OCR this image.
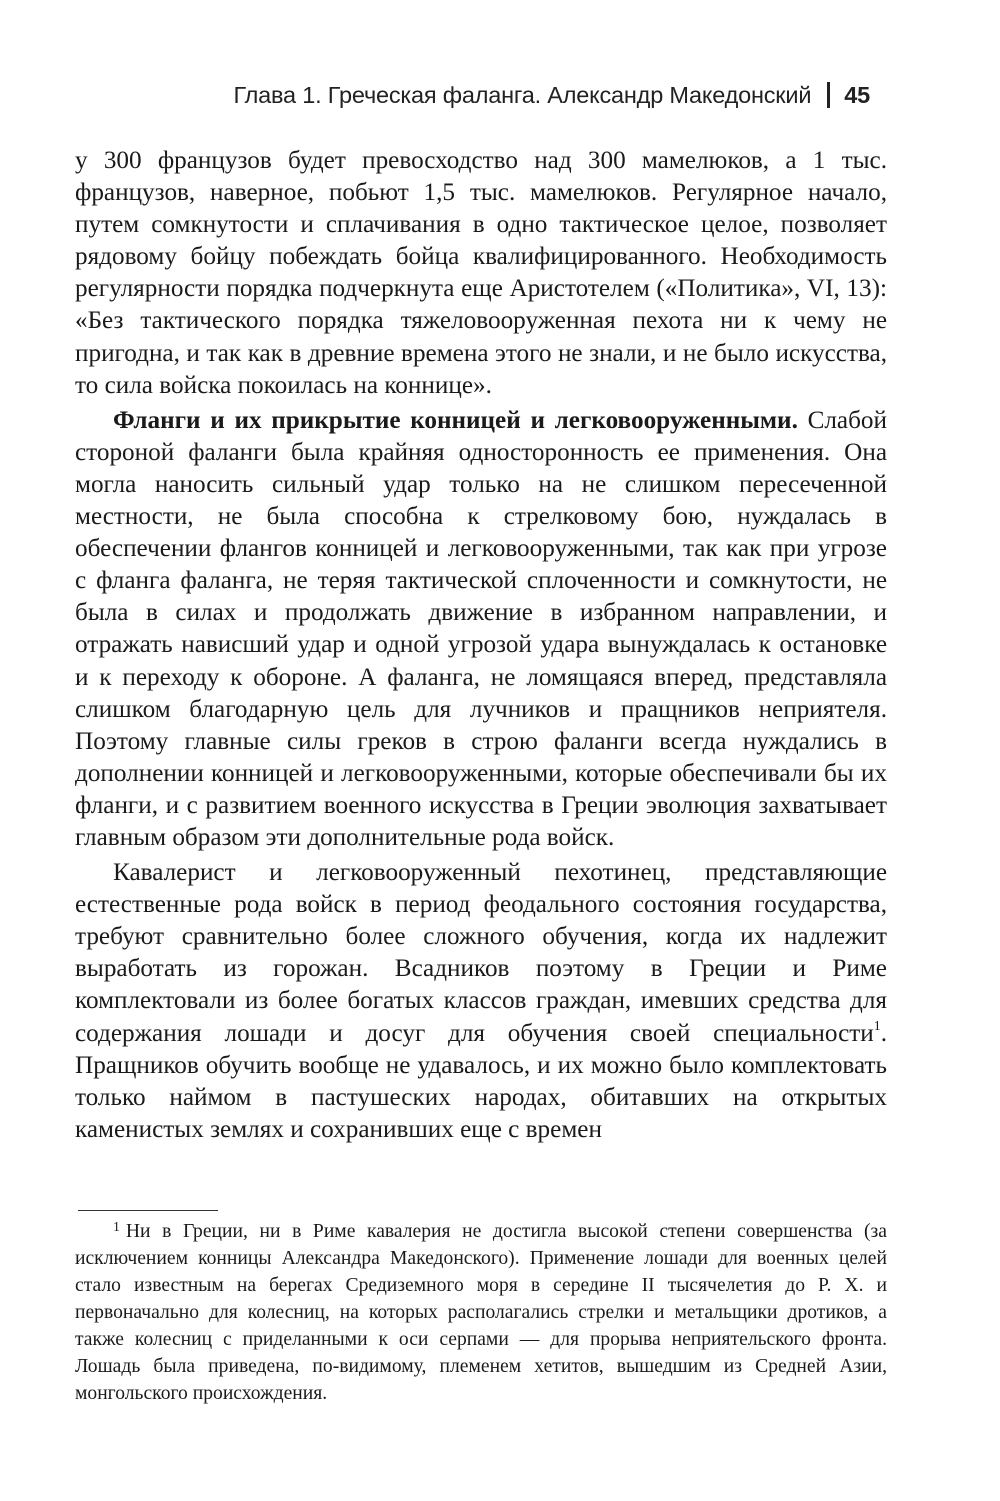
Глава 1. Греческая фаланга. Александр Македонский 45

у 300 французов будет превосходство над 300 мамелюков, а 1 тыс. французов, наверное, побьют 1,5 тыс. мамелюков. Регулярное начало, путем сомкнутости и сплачивания в одно тактическое целое, позволяет рядовому бойцу побеждать бойца квалифицированного. Необходимость регулярности порядка подчеркнута еще Аристотелем («Политика», VI, 13): «Без тактического порядка тяжеловооруженная пехота ни к чему не пригодна, и так как в древние времена этого не знали, и не было искусства, то сила войска покоилась на коннице».

Фланги и их прикрытие конницей и легковооруженными. Слабой стороной фаланги была крайняя односторонность ее применения. Она могла наносить сильный удар только на не слишком пересеченной местности, не была способна к стрелковому бою, нуждалась в обеспечении флангов конницей и легковооруженными, так как при угрозе с фланга фаланга, не теряя тактической сплоченности и сомкнутости, не была в силах и продолжать движение в избранном направлении, и отражать нависший удар и одной угрозой удара вынуждалась к остановке и к переходу к обороне. А фаланга, не ломящаяся вперед, представляла слишком благодарную цель для лучников и пращников неприятеля. Поэтому главные силы греков в строю фаланги всегда нуждались в дополнении конницей и легковооруженными, которые обеспечивали бы их фланги, и с развитием военного искусства в Греции эволюция захватывает главным образом эти дополнительные рода войск.

Кавалерист и легковооруженный пехотинец, представляющие естественные рода войск в период феодального состояния государства, требуют сравнительно более сложного обучения, когда их надлежит выработать из горожан. Всадников поэтому в Греции и Риме комплектовали из более богатых классов граждан, имевших средства для содержания лошади и досуг для обучения своей специальности$^1$. Пращников обучить вообще не удавалось, и их можно было комплектовать только наймом в пастушеских народах, обитавших на открытых каменистых землях и сохранивших еще с времен

$^1$ Ни в Греции, ни в Риме кавалерия не достигла высокой степени совершенства (за исключением конницы Александра Македонского). Применение лошади для военных целей стало известным на берегах Средиземного моря в середине II тысячелетия до Р. Х. и первоначально для колесниц, на которых располагались стрелки и метальщики дротиков, а также колесниц с приделанными к оси серпами — для прорыва неприятельского фронта. Лошадь была приведена, по-видимому, племенем хетитов, вышедшим из Средней Азии, монгольского происхождения.
